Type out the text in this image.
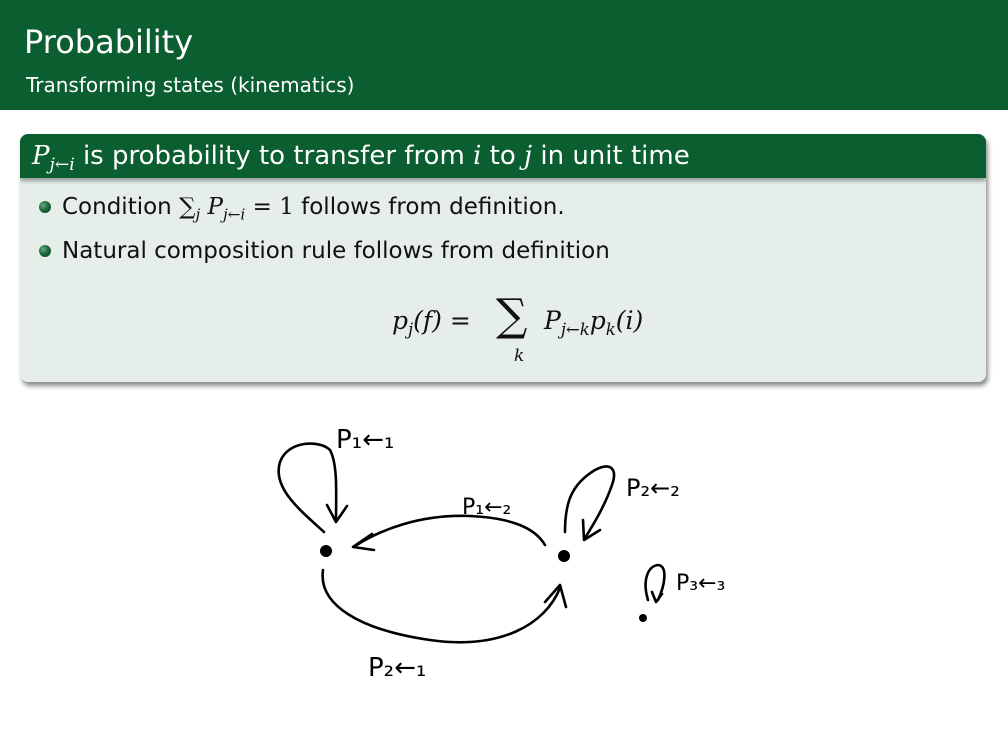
Probability
Transforming states (kinematics)
$P_{j\leftarrow i}$ is probability to transfer from i to j in unit time
Condition $\sum_j$ $P_{j\leftarrow i} = 1$ follows from definition.
Natural composition rule follows from definition
$p_j(f)$ = ∑
k
$P_{j\leftarrow k}p_k(i)$
P₁←₁
P₁←₂
P₂←₂
P₂←₁
P₃←₃
